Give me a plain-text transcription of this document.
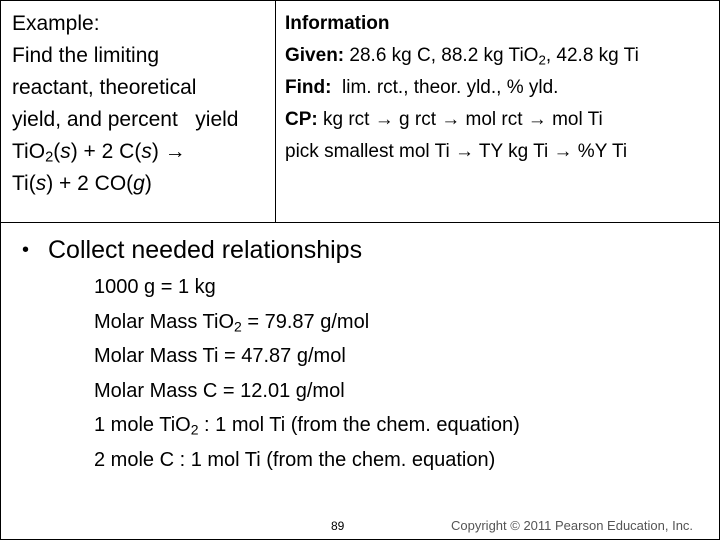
Example:
Find the limiting
reactant, theoretical
yield, and percent   yield
TiO$_2$(s) + 2 C(s) →
Ti(s) + 2 CO(g)
Information
Given: 28.6 kg C, 88.2 kg TiO$_2$, 42.8 kg Ti
Find:  lim. rct., theor. yld., % yld.
CP: kg rct → g rct → mol rct → mol Ti
pick smallest mol Ti → TY kg Ti → %Y Ti
• Collect needed relationships
1000 g = 1 kg
Molar Mass TiO$_2$ = 79.87 g/mol
Molar Mass Ti = 47.87 g/mol
Molar Mass C = 12.01 g/mol
1 mole TiO$_2$ : 1 mol Ti (from the chem. equation)
2 mole C : 1 mol Ti (from the chem. equation)
89	Copyright © 2011 Pearson Education, Inc.
